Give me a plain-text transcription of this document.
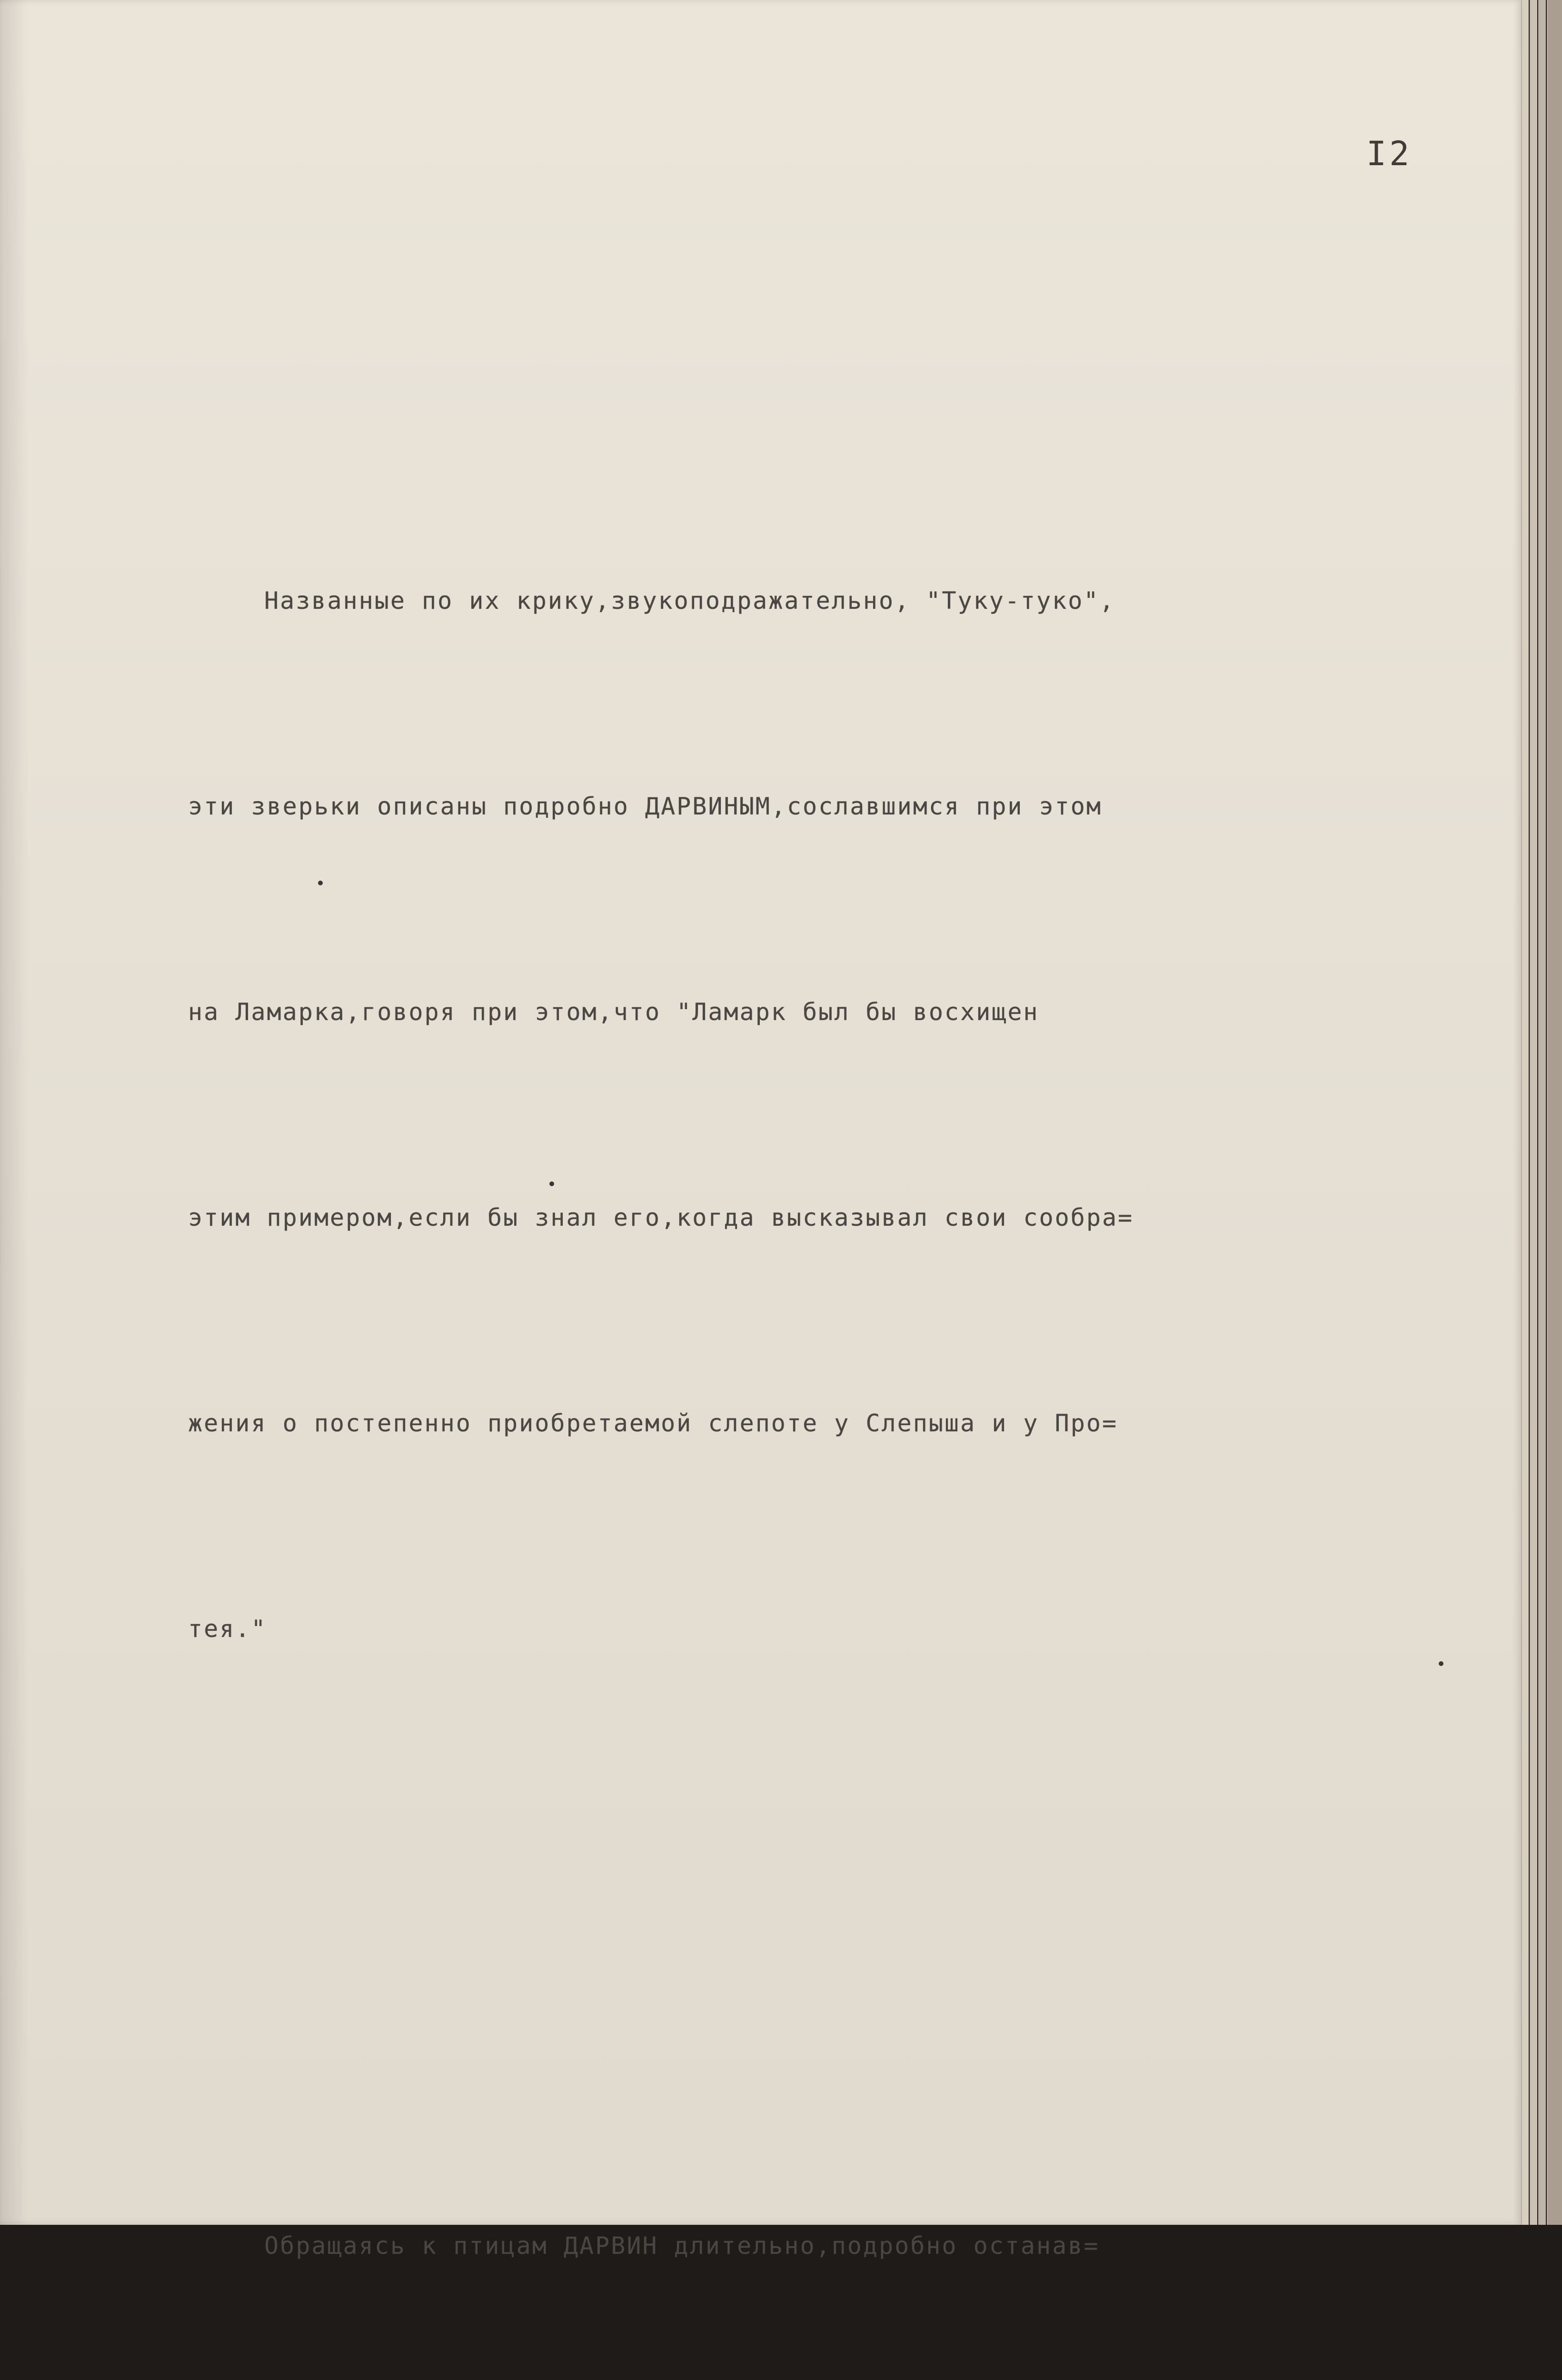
I2

Названные по их крику,звукоподражательно, "Туку-туко",

эти зверьки описаны подробно ДАРВИНЫМ,сославшимся при этом

на Ламарка,говоря при этом,что "Ламарк был бы восхищен

этим примером,если бы знал его,когда высказывал свои сообра=

жения о постепенно приобретаемой слепоте у Слепыша и у Про=

тея."

Обращаясь к птицам ДАРВИН длительно,подробно останав=
